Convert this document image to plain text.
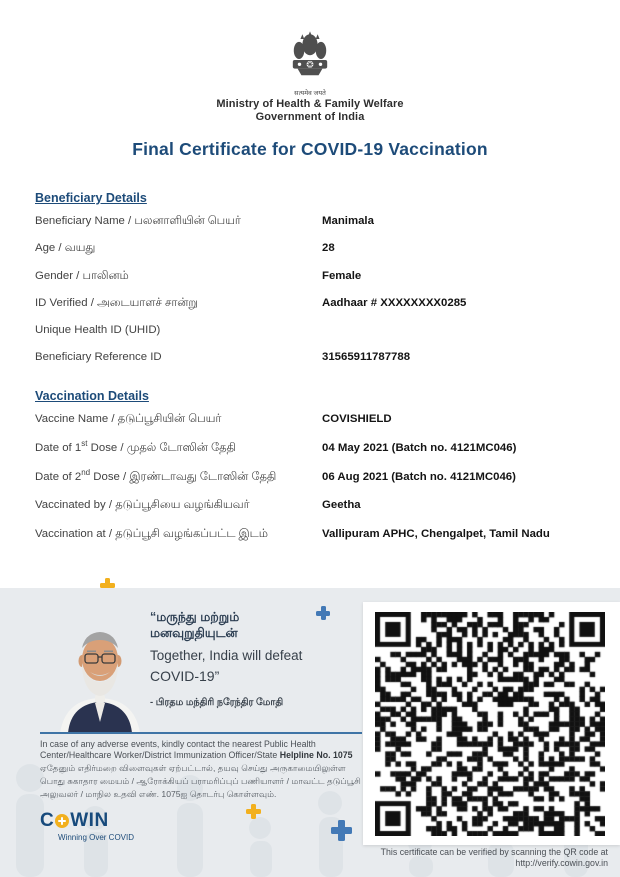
सत्यमेव जयते
Ministry of Health & Family Welfare
Government of India
Final Certificate for COVID-19 Vaccination
Beneficiary Details
Beneficiary Name / பலனாளியின் பெயர்	Manimala
Age / வயது	28
Gender / பாலினம்	Female
ID Verified / அடையாளச் சான்று	Aadhaar # XXXXXXXX0285
Unique Health ID (UHID)
Beneficiary Reference ID	31565911787788
Vaccination Details
Vaccine Name / தடுப்பூசியின் பெயர்	COVISHIELD
Date of 1st Dose / முதல் டோஸின் தேதி	04 May 2021 (Batch no. 4121MC046)
Date of 2nd Dose / இரண்டாவது டோஸின் தேதி	06 Aug 2021 (Batch no. 4121MC046)
Vaccinated by / தடுப்பூசியை வழங்கியவர்	Geetha
Vaccination at / தடுப்பூசி வழங்கப்பட்ட இடம்	Vallipuram APHC, Chengalpet, Tamil Nadu
“மருந்து மற்றும்
மனவுறுதியுடன்
Together, India will defeat
COVID-19”
- பிரதம மந்திரி நரேந்திர மோதி
In case of any adverse events, kindly contact the nearest Public Health Center/Healthcare Worker/District Immunization Officer/State Helpline No. 1075
ஏதேனும் எதிர்மறை விளைவுகள் ஏற்பட்டால், தயவு செய்து அருகாமையிலுள்ள பொது சுகாதார மையம் / ஆரோக்கியப் பராமரிப்புப் பணியாளர் / மாவட்ட தடுப்பூசி அலுவலர் / மாநில உதவி எண். 1075ஐ தொடர்பு கொள்ளவும்.
C WIN
Winning Over COVID
This certificate can be verified by scanning the QR code at
http://verify.cowin.gov.in
